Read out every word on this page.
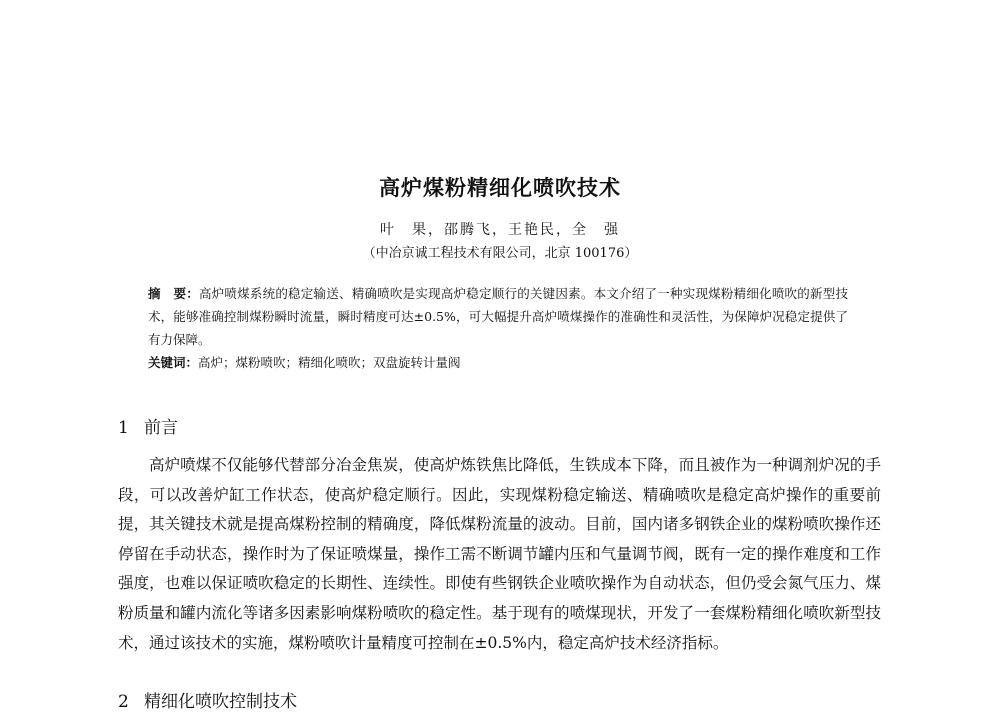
高炉煤粉精细化喷吹技术
叶　果，邵腾飞，王艳民，全　强
（中冶京诚工程技术有限公司，北京 100176）

摘　要：高炉喷煤系统的稳定输送、精确喷吹是实现高炉稳定顺行的关键因素。本文介绍了一种实现煤粉精细化喷吹的新型技术，能够准确控制煤粉瞬时流量，瞬时精度可达±0.5%，可大幅提升高炉喷煤操作的准确性和灵活性，为保障炉况稳定提供了有力保障。

关键词：高炉；煤粉喷吹；精细化喷吹；双盘旋转计量阀

1 前言

高炉喷煤不仅能够代替部分冶金焦炭，使高炉炼铁焦比降低，生铁成本下降，而且被作为一种调剂炉况的手段，可以改善炉缸工作状态，使高炉稳定顺行。因此，实现煤粉稳定输送、精确喷吹是稳定高炉操作的重要前提，其关键技术就是提高煤粉控制的精确度，降低煤粉流量的波动。目前，国内诸多钢铁企业的煤粉喷吹操作还停留在手动状态，操作时为了保证喷煤量，操作工需不断调节罐内压和气量调节阀，既有一定的操作难度和工作强度，也难以保证喷吹稳定的长期性、连续性。即使有些钢铁企业喷吹操作为自动状态，但仍受会氮气压力、煤粉质量和罐内流化等诸多因素影响煤粉喷吹的稳定性。基于现有的喷煤现状，开发了一套煤粉精细化喷吹新型技术，通过该技术的实施，煤粉喷吹计量精度可控制在±0.5%内，稳定高炉技术经济指标。

2 精细化喷吹控制技术
